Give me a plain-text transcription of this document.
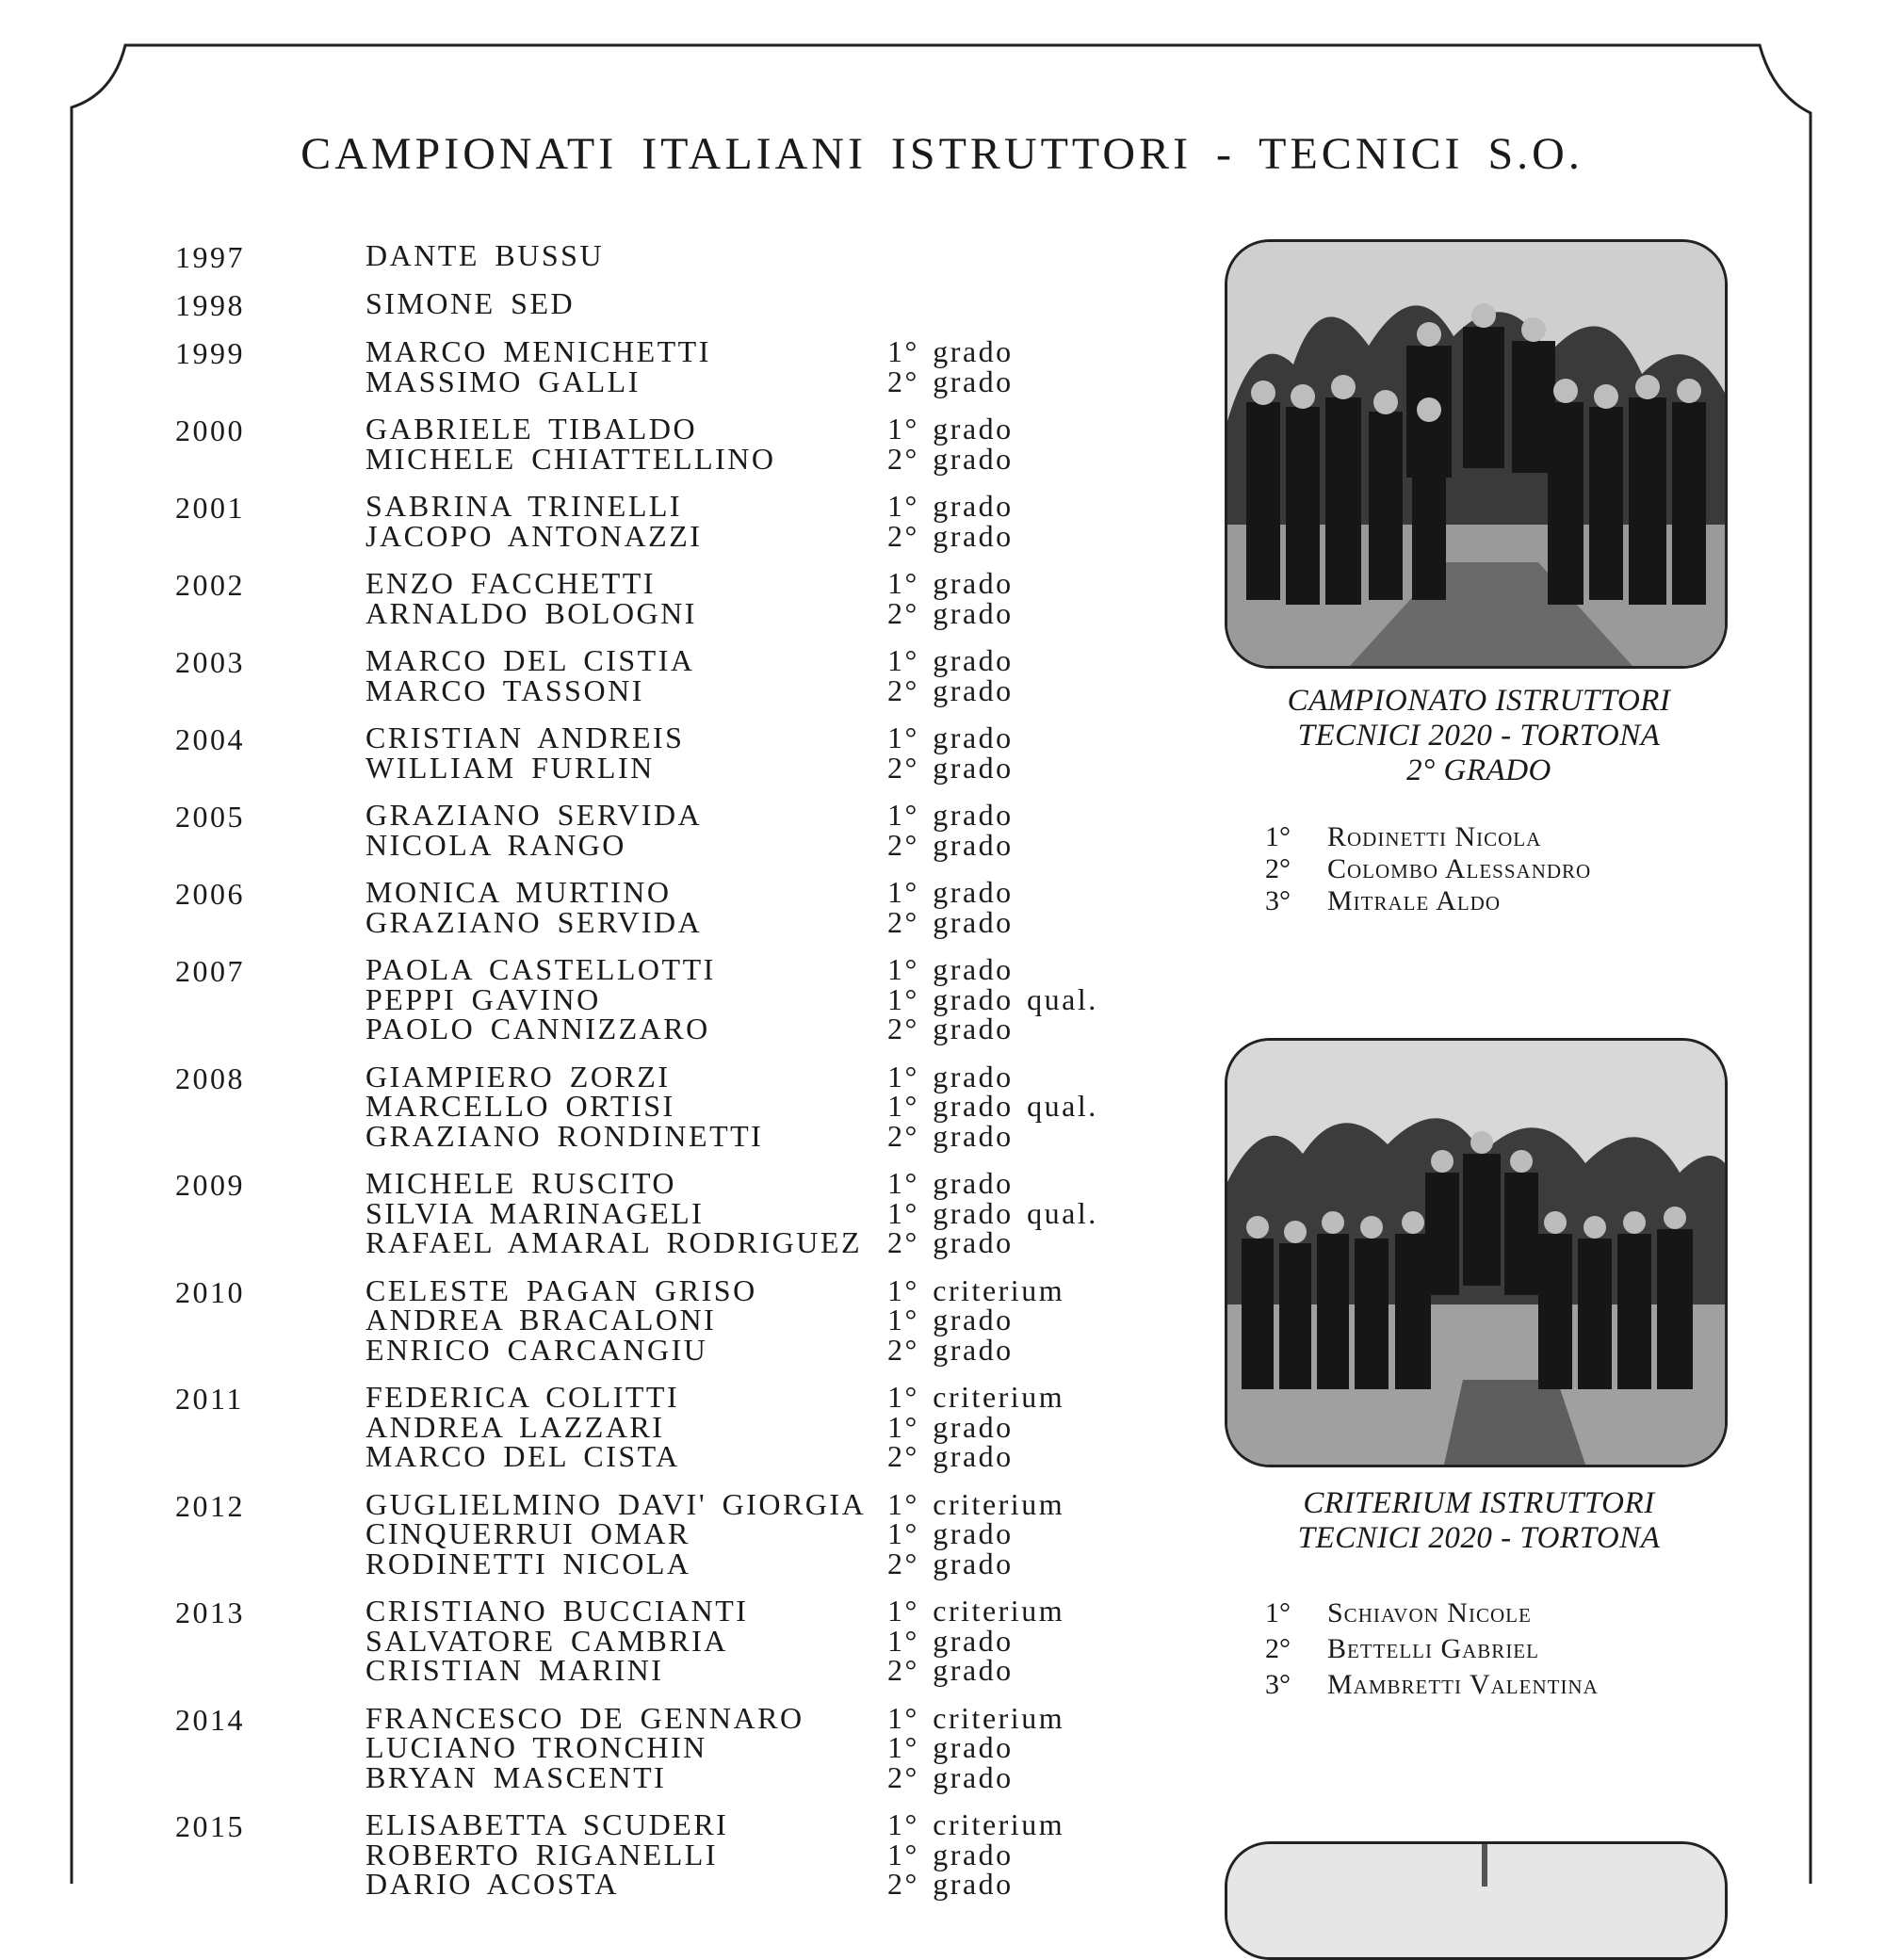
CAMPIONATI ITALIANI ISTRUTTORI - TECNICI S.O.
1997	DANTE BUSSU
1998	SIMONE SED
1999	MARCO MENICHETTI	1° grado
MASSIMO GALLI	2° grado
2000	GABRIELE TIBALDO	1° grado
MICHELE CHIATTELLINO	2° grado
2001	SABRINA TRINELLI	1° grado
JACOPO ANTONAZZI	2° grado
2002	ENZO FACCHETTI	1° grado
ARNALDO BOLOGNI	2° grado
2003	MARCO DEL CISTIA	1° grado
MARCO TASSONI	2° grado
2004	CRISTIAN ANDREIS	1° grado
WILLIAM FURLIN	2° grado
2005	GRAZIANO SERVIDA	1° grado
NICOLA RANGO	2° grado
2006	MONICA MURTINO	1° grado
GRAZIANO SERVIDA	2° grado
2007	PAOLA CASTELLOTTI	1° grado
PEPPI GAVINO	1° grado qual.
PAOLO CANNIZZARO	2° grado
2008	GIAMPIERO ZORZI	1° grado
MARCELLO ORTISI	1° grado qual.
GRAZIANO RONDINETTI	2° grado
2009	MICHELE RUSCITO	1° grado
SILVIA MARINAGELI	1° grado qual.
RAFAEL AMARAL RODRIGUEZ 2° grado
2010	CELESTE PAGAN GRISO	1° criterium
ANDREA BRACALONI	1° grado
ENRICO CARCANGIU	2° grado
2011	FEDERICA COLITTI	1° criterium
ANDREA LAZZARI	1° grado
MARCO DEL CISTA	2° grado
2012	GUGLIELMINO DAVI' GIORGIA 1° criterium
CINQUERRUI OMAR	1° grado
RODINETTI NICOLA	2° grado
2013	CRISTIANO BUCCIANTI	1° criterium
SALVATORE CAMBRIA	1° grado
CRISTIAN MARINI	2° grado
2014	FRANCESCO DE GENNARO	1° criterium
LUCIANO TRONCHIN	1° grado
BRYAN MASCENTI	2° grado
2015	ELISABETTA SCUDERI	1° criterium
ROBERTO RIGANELLI	1° grado
DARIO ACOSTA	2° grado
CAMPIONATO ISTRUTTORI
TECNICI 2020 - TORTONA
2° GRADO
1° Rodinetti Nicola
2° Colombo Alessandro
3° Mitrale Aldo
CRITERIUM ISTRUTTORI
TECNICI 2020 - TORTONA
1° Schiavon Nicole
2° Bettelli Gabriel
3° Mambretti Valentina
